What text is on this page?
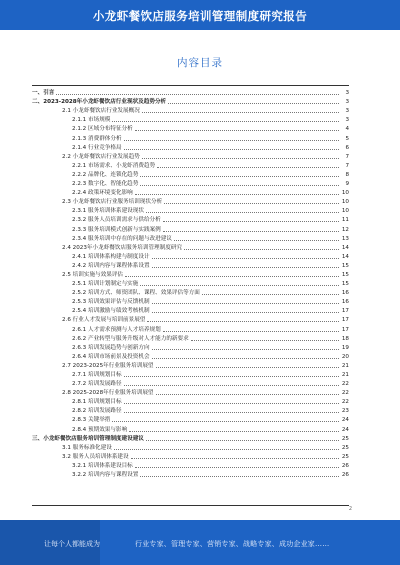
小龙虾餐饮店服务培训管理制度研究报告
内容目录
一、引言	3
二、2023-2028年小龙虾餐饮店行业现状及趋势分析	3
2.1 小龙虾餐饮店行业发展概况	3
2.1.1 市场规模	3
2.1.2 区域分布特征分析	4
2.1.3 消费群体分析	5
2.1.4 行业竞争格局	6
2.2 小龙虾餐饮店行业发展趋势	7
2.2.1 市场需求、小龙虾消费趋势	7
2.2.2 品牌化、连锁化趋势	8
2.2.3 数字化、智能化趋势	9
2.2.4 政策环境变化影响	10
2.3 小龙虾餐饮店行业服务培训现状分析	10
2.3.1 服务培训体系建设现状	10
2.3.2 服务人员培训需求与供给分析	11
2.3.3 服务培训模式创新与实践案例	12
2.3.4 服务培训中存在的问题与改进建议	13
2.4 2023年小龙虾餐饮店服务培训管理制度研究	14
2.4.1 培训体系构建与制度设计	14
2.4.2 培训内容与课程体系设置	15
2.5 培训实施与效果评估	15
2.5.1 培训计划制定与实施	15
2.5.2 培训方式、师资团队、课程、效果评估等方面	16
2.5.3 培训效果评估与反馈机制	16
2.5.4 培训激励与绩效考核机制	17
2.6 行业人才发展与培训前景展望	17
2.6.1 人才需求预测与人才培养规划	17
2.6.2 产业转型与服务升级对人才能力的新要求	18
2.6.3 培训发展趋势与创新方向	19
2.6.4 培训市场前景及投资机会	20
2.7 2023-2025年行业服务培训展望	21
2.7.1 培训规划目标	21
2.7.2 培训发展路径	22
2.8 2025-2028年行业服务培训展望	22
2.8.1 培训规划目标	22
2.8.2 培训发展路径	23
2.8.3 关键举措	24
2.8.4 预期效果与影响	24
三、小龙虾餐饮店服务培训管理制度建设建议	25
3.1 服务标准化建设	25
3.2 服务人员培训体系建设	25
3.2.1 培训体系建设目标	26
3.2.2 培训内容与课程设置	26
2
让每个人都能成为	行业专家、管理专家、营销专家、战略专家、成功企业家……
